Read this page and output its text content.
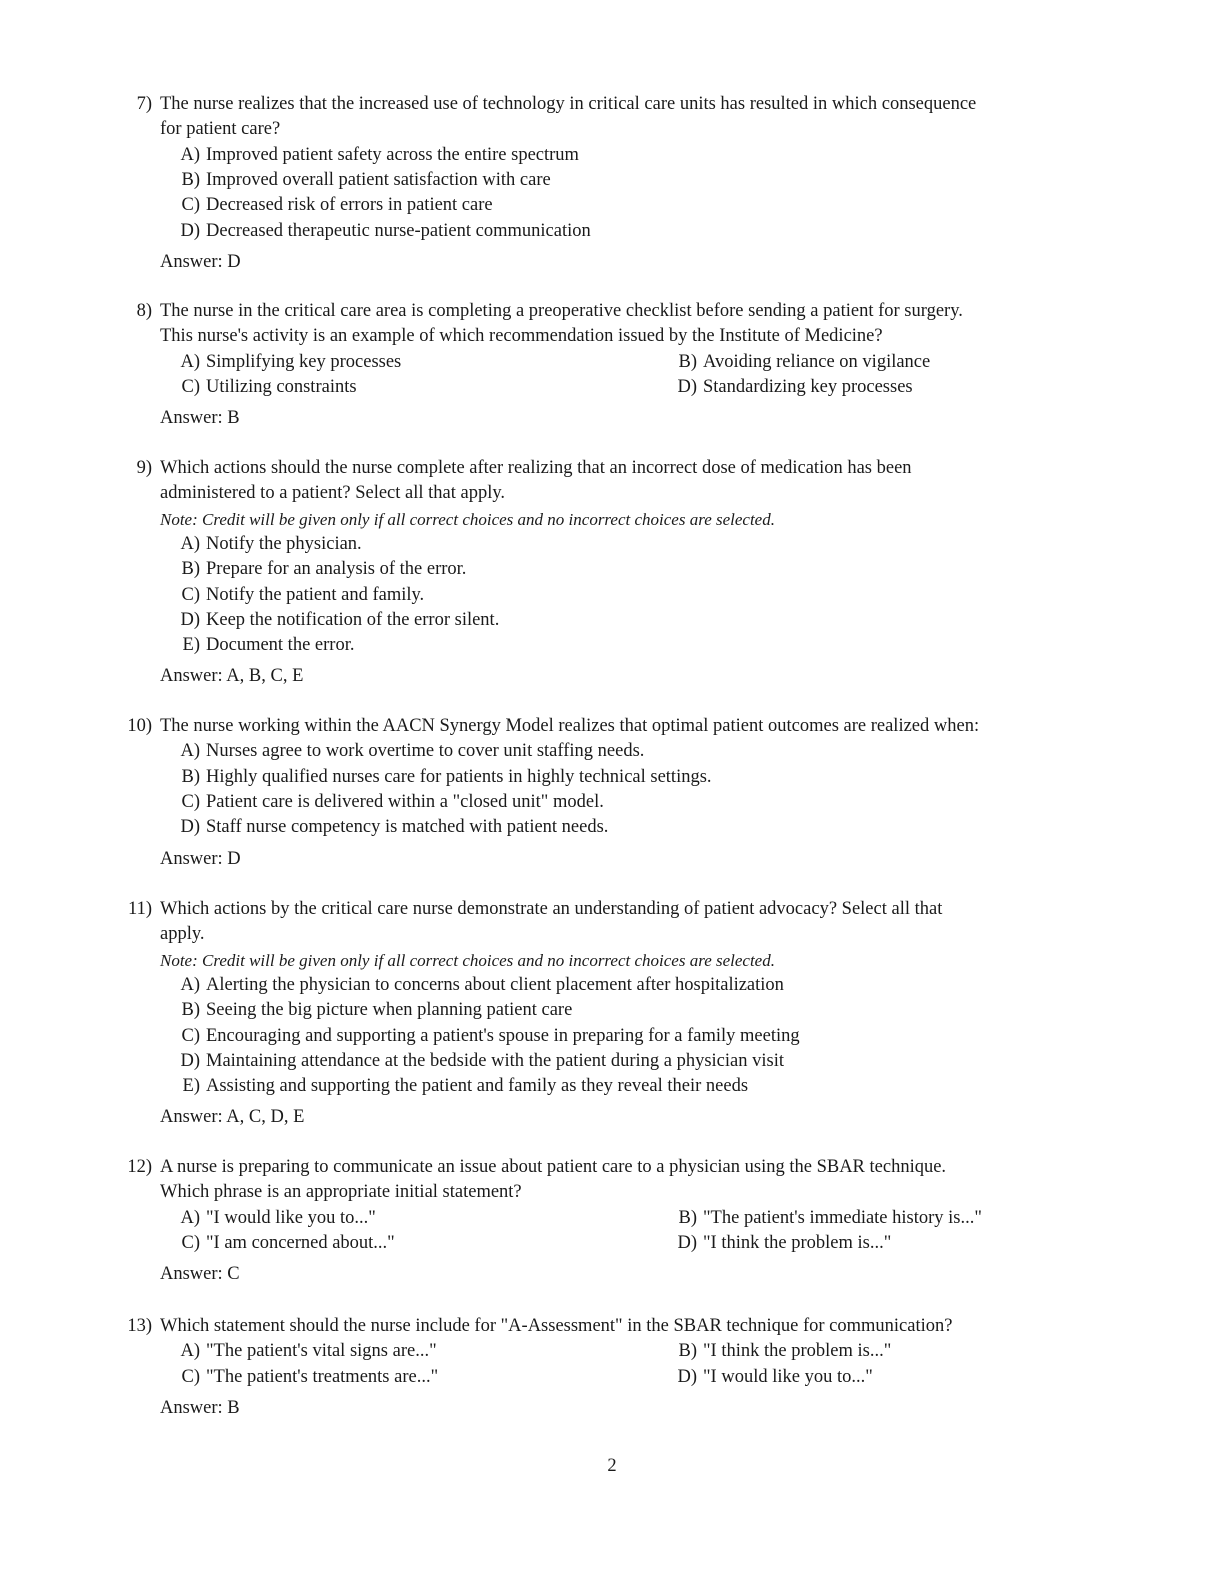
7) The nurse realizes that the increased use of technology in critical care units has resulted in which consequence
for patient care?
A) Improved patient safety across the entire spectrum
B) Improved overall patient satisfaction with care
C) Decreased risk of errors in patient care
D) Decreased therapeutic nurse-patient communication
Answer: D
8) The nurse in the critical care area is completing a preoperative checklist before sending a patient for surgery.
This nurse's activity is an example of which recommendation issued by the Institute of Medicine?
A) Simplifying key processes	B) Avoiding reliance on vigilance
C) Utilizing constraints	D) Standardizing key processes
Answer: B
9) Which actions should the nurse complete after realizing that an incorrect dose of medication has been
administered to a patient? Select all that apply.
Note: Credit will be given only if all correct choices and no incorrect choices are selected.
A) Notify the physician.
B) Prepare for an analysis of the error.
C) Notify the patient and family.
D) Keep the notification of the error silent.
E) Document the error.
Answer: A, B, C, E
10) The nurse working within the AACN Synergy Model realizes that optimal patient outcomes are realized when:
A) Nurses agree to work overtime to cover unit staffing needs.
B) Highly qualified nurses care for patients in highly technical settings.
C) Patient care is delivered within a "closed unit" model.
D) Staff nurse competency is matched with patient needs.
Answer: D
11) Which actions by the critical care nurse demonstrate an understanding of patient advocacy? Select all that
apply.
Note: Credit will be given only if all correct choices and no incorrect choices are selected.
A) Alerting the physician to concerns about client placement after hospitalization
B) Seeing the big picture when planning patient care
C) Encouraging and supporting a patient's spouse in preparing for a family meeting
D) Maintaining attendance at the bedside with the patient during a physician visit
E) Assisting and supporting the patient and family as they reveal their needs
Answer: A, C, D, E
12) A nurse is preparing to communicate an issue about patient care to a physician using the SBAR technique.
Which phrase is an appropriate initial statement?
A) "I would like you to..."	B) "The patient's immediate history is..."
C) "I am concerned about..."	D) "I think the problem is..."
Answer: C
13) Which statement should the nurse include for "A-Assessment" in the SBAR technique for communication?
A) "The patient's vital signs are..."	B) "I think the problem is..."
C) "The patient's treatments are..."	D) "I would like you to..."
Answer: B
2
